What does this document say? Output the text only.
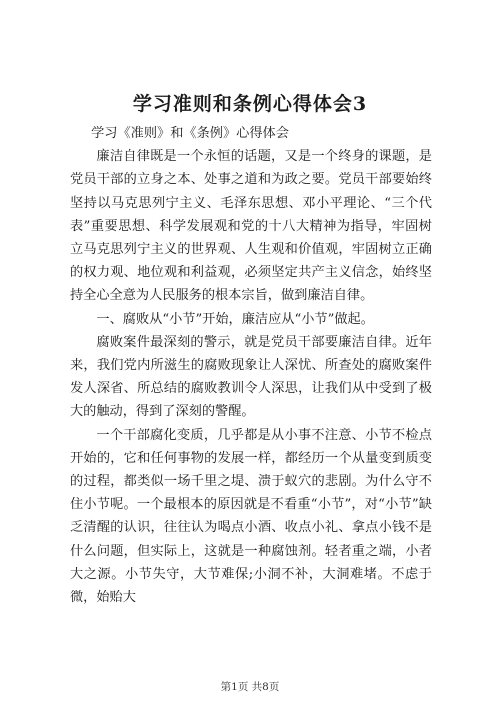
学习准则和条例心得体会3

学习《准则》和《条例》心得体会

廉洁自律既是一个永恒的话题，又是一个终身的课题，是党员干部的立身之本、处事之道和为政之要。党员干部要始终坚持以马克思列宁主义、毛泽东思想、邓小平理论、“三个代表”重要思想、科学发展观和党的十八大精神为指导，牢固树立马克思列宁主义的世界观、人生观和价值观，牢固树立正确的权力观、地位观和利益观，必须坚定共产主义信念，始终坚持全心全意为人民服务的根本宗旨，做到廉洁自律。

一、腐败从“小节”开始，廉洁应从“小节”做起。

腐败案件最深刻的警示，就是党员干部要廉洁自律。近年来，我们党内所滋生的腐败现象让人深忧、所查处的腐败案件发人深省、所总结的腐败教训令人深思，让我们从中受到了极大的触动，得到了深刻的警醒。

一个干部腐化变质，几乎都是从小事不注意、小节不检点开始的，它和任何事物的发展一样，都经历一个从量变到质变的过程，都类似一场千里之堤、溃于蚁穴的悲剧。为什么守不住小节呢。一个最根本的原因就是不看重“小节”，对“小节”缺乏清醒的认识，往往认为喝点小酒、收点小礼、拿点小钱不是什么问题，但实际上，这就是一种腐蚀剂。轻者重之端，小者大之源。小节失守，大节难保;小洞不补，大洞难堵。不虑于微，始贻大

第1页 共8页
